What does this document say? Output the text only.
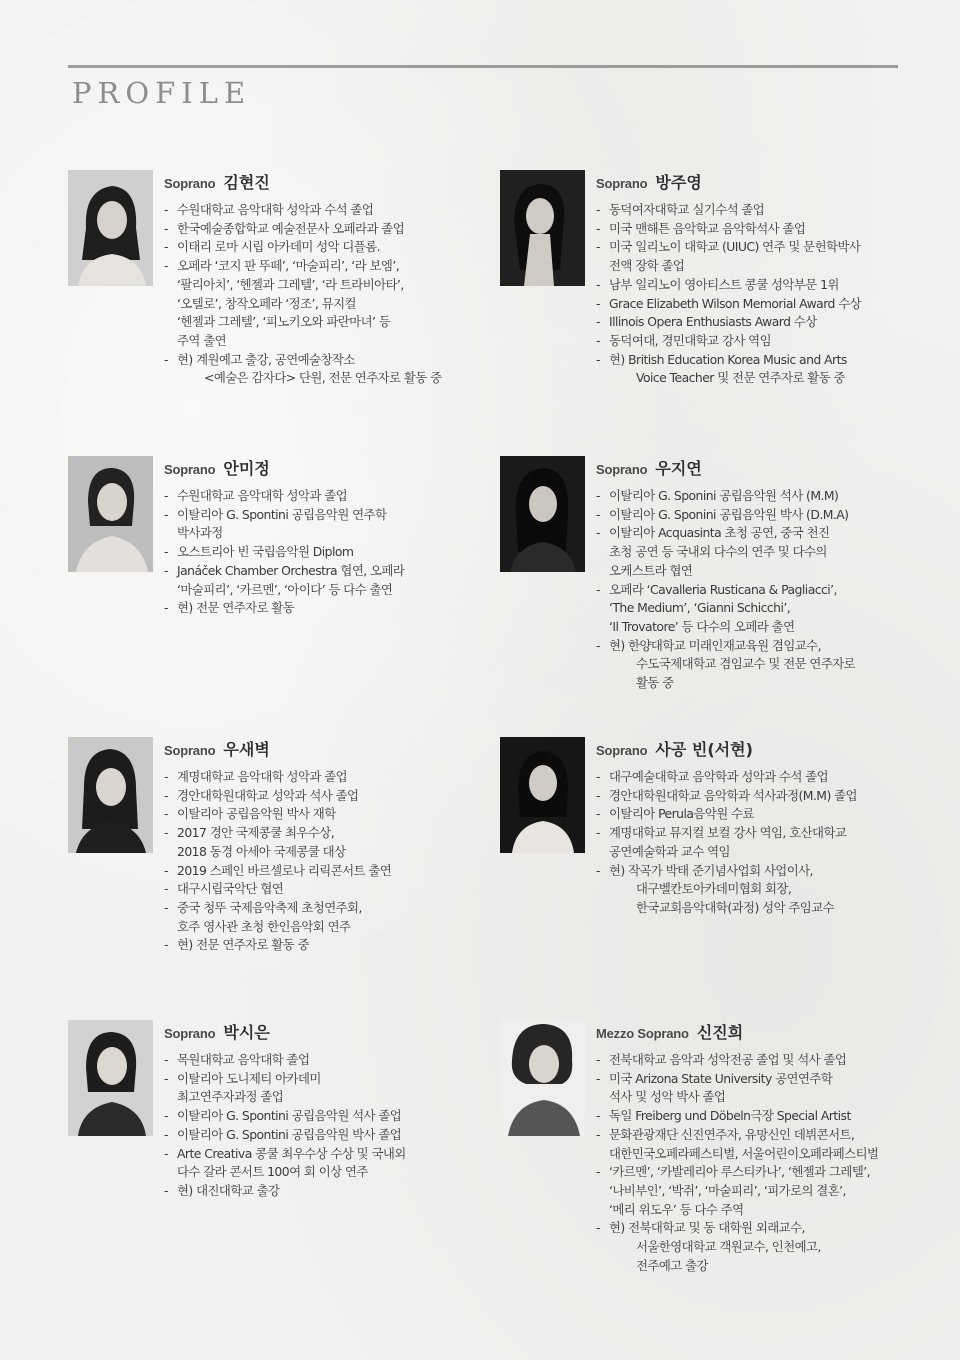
PROFILE
Soprano 김현진
- 수원대학교 음악대학 성악과 수석 졸업
- 한국예술종합학교 예술전문사 오페라과 졸업
- 이태리 로마 시립 아카데미 성악 디플롬.
- 오페라 ‘코지 판 뚜떼’, ‘마술피리’, ‘라 보엠’,
‘팔리아치’, ‘헨젤과 그레텔’, ‘라 트라비아타’,
‘오텔로’, 창작오페라 ‘정조’, 뮤지컬
‘헨젤과 그레텔’, ‘피노키오와 파란마녀’ 등
주역 출연
- 현) 계원예고 출강, 공연예술창작소
<예술은 감자다> 단원, 전문 연주자로 활동 중
Soprano 방주영
- 동덕여자대학교 실기수석 졸업
- 미국 맨해튼 음악학교 음악학석사 졸업
- 미국 일리노이 대학교 (UIUC) 연주 및 문헌학박사
전액 장학 졸업
- 남부 일리노이 영아티스트 콩쿨 성악부문 1위
- Grace Elizabeth Wilson Memorial Award 수상
- Illinois Opera Enthusiasts Award 수상
- 동덕여대, 경민대학교 강사 역임
- 현) British Education Korea Music and Arts
Voice Teacher 및 전문 연주자로 활동 중
Soprano 안미정
- 수원대학교 음악대학 성악과 졸업
- 이탈리아 G. Spontini 공립음악원 연주학
박사과정
- 오스트리아 빈 국립음악원 Diplom
- Janáček Chamber Orchestra 협연, 오페라
‘마술피리’, ‘카르멘’, ‘아이다’ 등 다수 출연
- 현) 전문 연주자로 활동
Soprano 우지연
- 이탈리아 G. Sponini 공립음악원 석사 (M.M)
- 이탈리아 G. Sponini 공립음악원 박사 (D.M.A)
- 이탈리아 Acquasinta 초청 공연, 중국 천진
초청 공연 등 국내외 다수의 연주 및 다수의
오케스트라 협연
- 오페라 ‘Cavalleria Rusticana & Pagliacci’,
‘The Medium’, ‘Gianni Schicchi’,
‘Il Trovatore’ 등 다수의 오페라 출연
- 현) 한양대학교 미래인재교육원 겸임교수,
수도국제대학교 겸임교수 및 전문 연주자로
활동 중
Soprano 우새벽
- 계명대학교 음악대학 성악과 졸업
- 경안대학원대학교 성악과 석사 졸업
- 이탈리아 공립음악원 박사 재학
- 2017 경안 국제콩쿨 최우수상,
2018 동경 아세아 국제콩쿨 대상
- 2019 스페인 바르셀로나 리릭콘서트 출연
- 대구시립국악단 협연
- 중국 청뚜 국제음악축제 초청연주회,
호주 영사관 초청 한인음악회 연주
- 현) 전문 연주자로 활동 중
Soprano 사공 빈(서현)
- 대구예술대학교 음악학과 성악과 수석 졸업
- 경안대학원대학교 음악학과 석사과정(M.M) 졸업
- 이탈리아 Perula음악원 수료
- 계명대학교 뮤지컬 보컬 강사 역임, 호산대학교
공연예술학과 교수 역임
- 현) 작곡가 박태 준기념사업회 사업이사,
대구벨칸토아카데미협회 회장,
한국교회음악대학(과정) 성악 주임교수
Soprano 박시은
- 목원대학교 음악대학 졸업
- 이탈리아 도니제티 아카데미
최고연주자과정 졸업
- 이탈리아 G. Spontini 공립음악원 석사 졸업
- 이탈리아 G. Spontini 공립음악원 박사 졸업
- Arte Creativa 콩쿨 최우수상 수상 및 국내외
다수 갈라 콘서트 100여 회 이상 연주
- 현) 대진대학교 출강
Mezzo Soprano 신진희
- 전북대학교 음악과 성악전공 졸업 및 석사 졸업
- 미국 Arizona State University 공연연주학
석사 및 성악 박사 졸업
- 독일 Freiberg und Döbeln극장 Special Artist
- 문화관광재단 신진연주자, 유망신인 데뷔콘서트,
대한민국오페라페스티벌, 서울어린이오페라페스티벌
- ‘카르멘’, ‘카발레리아 루스티카나’, ‘헨젤과 그레텔’,
‘나비부인’, ‘박쥐’, ‘마술피리’, ‘피가로의 결혼’,
‘메리 위도우’ 등 다수 주역
- 현) 전북대학교 및 동 대학원 외래교수,
서울한영대학교 객원교수, 인천예고,
전주예고 출강
